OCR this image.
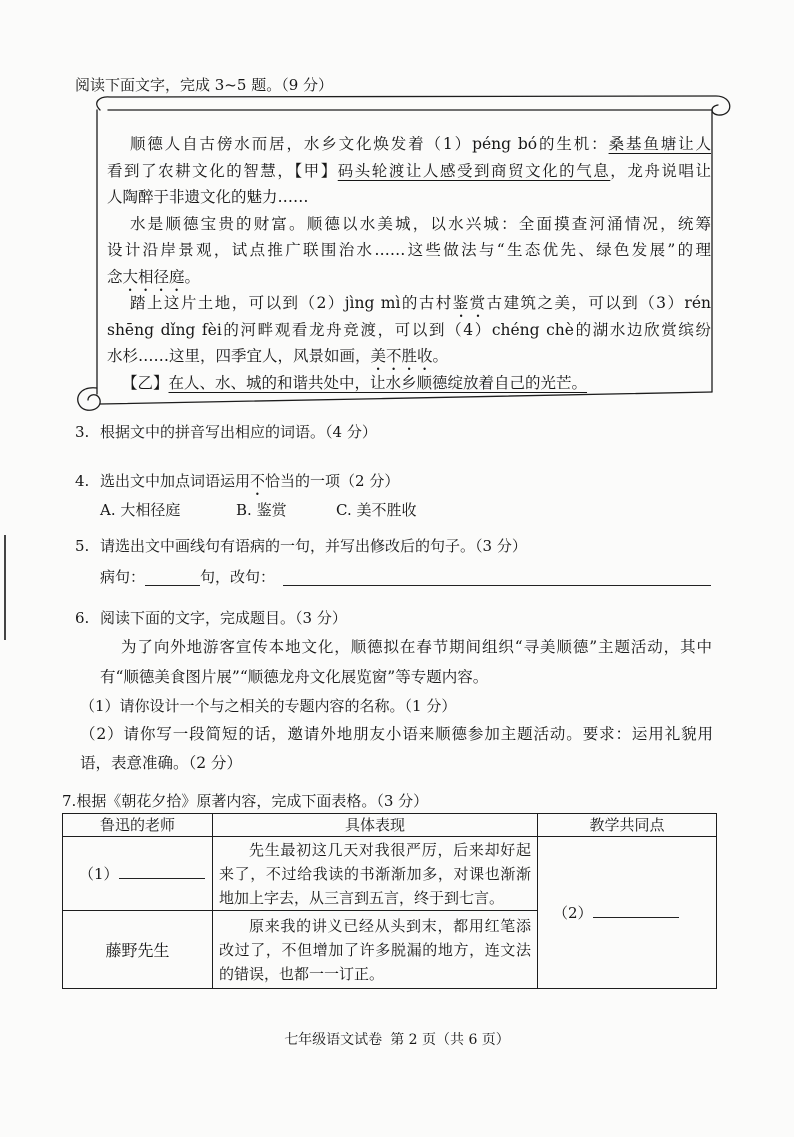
阅读下面文字，完成 3~5 题。（9 分）
顺德人自古傍水而居，水乡文化焕发着（1）péng bó的生机：桑基鱼塘让人
看到了农耕文化的智慧，【甲】码头轮渡让人感受到商贸文化的气息，龙舟说唱让
人陶醉于非遗文化的魅力……
水是顺德宝贵的财富。顺德以水美城，以水兴城：全面摸查河涌情况，统筹
设计沿岸景观，试点推广联围治水……这些做法与“生态优先、绿色发展”的理
念大相径庭。
踏上这片土地，可以到（2）jìng mì的古村鉴赏古建筑之美，可以到（3）rén
shēng dǐng fèi的河畔观看龙舟竞渡，可以到（4）chéng chè的湖水边欣赏缤纷
水杉……这里，四季宜人，风景如画，美不胜收。
【乙】在人、水、城的和谐共处中，让水乡顺德绽放着自己的光芒。
3. 根据文中的拼音写出相应的词语。（4 分）
4. 选出文中加点词语运用不恰当的一项（2 分）
A. 大相径庭	B. 鉴赏	C. 美不胜收
5. 请选出文中画线句有语病的一句，并写出修改后的句子。（3 分）
病句：	句，改句：
6. 阅读下面的文字，完成题目。（3 分）
为了向外地游客宣传本地文化，顺德拟在春节期间组织“寻美顺德”主题活动，其中
有“顺德美食图片展”“顺德龙舟文化展览窗”等专题内容。
（1）请你设计一个与之相关的专题内容的名称。（1 分）
（2）请你写一段简短的话，邀请外地朋友小语来顺德参加主题活动。要求：运用礼貌用
语，表意准确。（2 分）
7.根据《朝花夕拾》原著内容，完成下面表格。（3 分）
鲁迅的老师	具体表现	教学共同点
（1）	先生最初这几天对我很严厉，后来却好起
来了，不过给我读的书渐渐加多，对课也渐渐
地加上字去，从三言到五言，终于到七言。	（2）
藤野先生	原来我的讲义已经从头到末，都用红笔添
改过了，不但增加了许多脱漏的地方，连文法
的错误，也都一一订正。	
七年级语文试卷 第 2 页（共 6 页）
